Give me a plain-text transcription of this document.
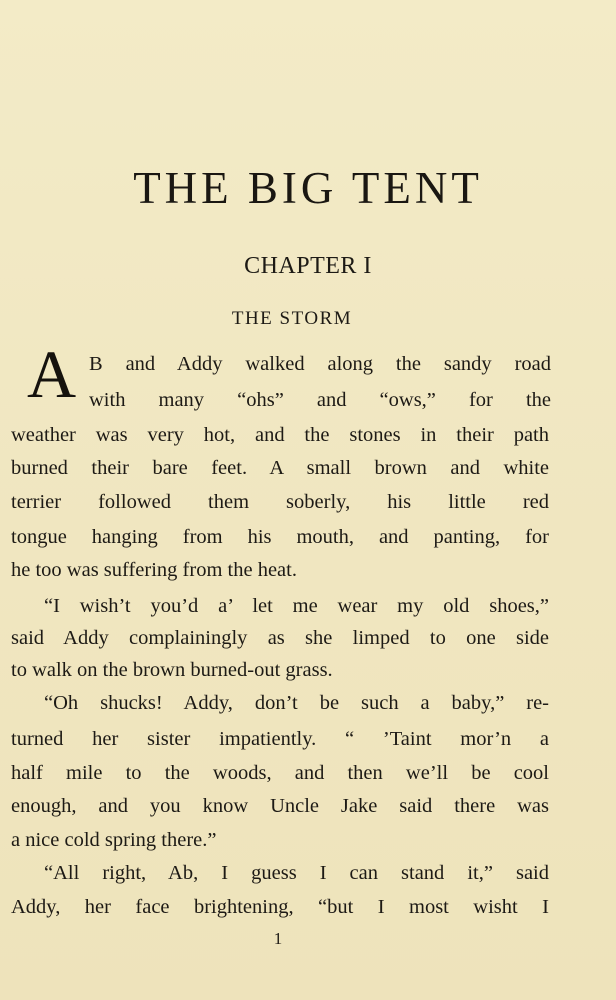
THE BIG TENT
CHAPTER I
THE STORM
A B and Addy walked along the sandy road
with many “ohs” and “ows,” for the
weather was very hot, and the stones in their path
burned their bare feet. A small brown and white
terrier followed them soberly, his little red
tongue hanging from his mouth, and panting, for
he too was suffering from the heat.
“I wish’t you’d a’ let me wear my old shoes,”
said Addy complainingly as she limped to one side
to walk on the brown burned-out grass.
“Oh shucks! Addy, don’t be such a baby,” re-
turned her sister impatiently. “ ’Taint mor’n a
half mile to the woods, and then we’ll be cool
enough, and you know Uncle Jake said there was
a nice cold spring there.”
“All right, Ab, I guess I can stand it,” said
Addy, her face brightening, “but I most wisht I
1
